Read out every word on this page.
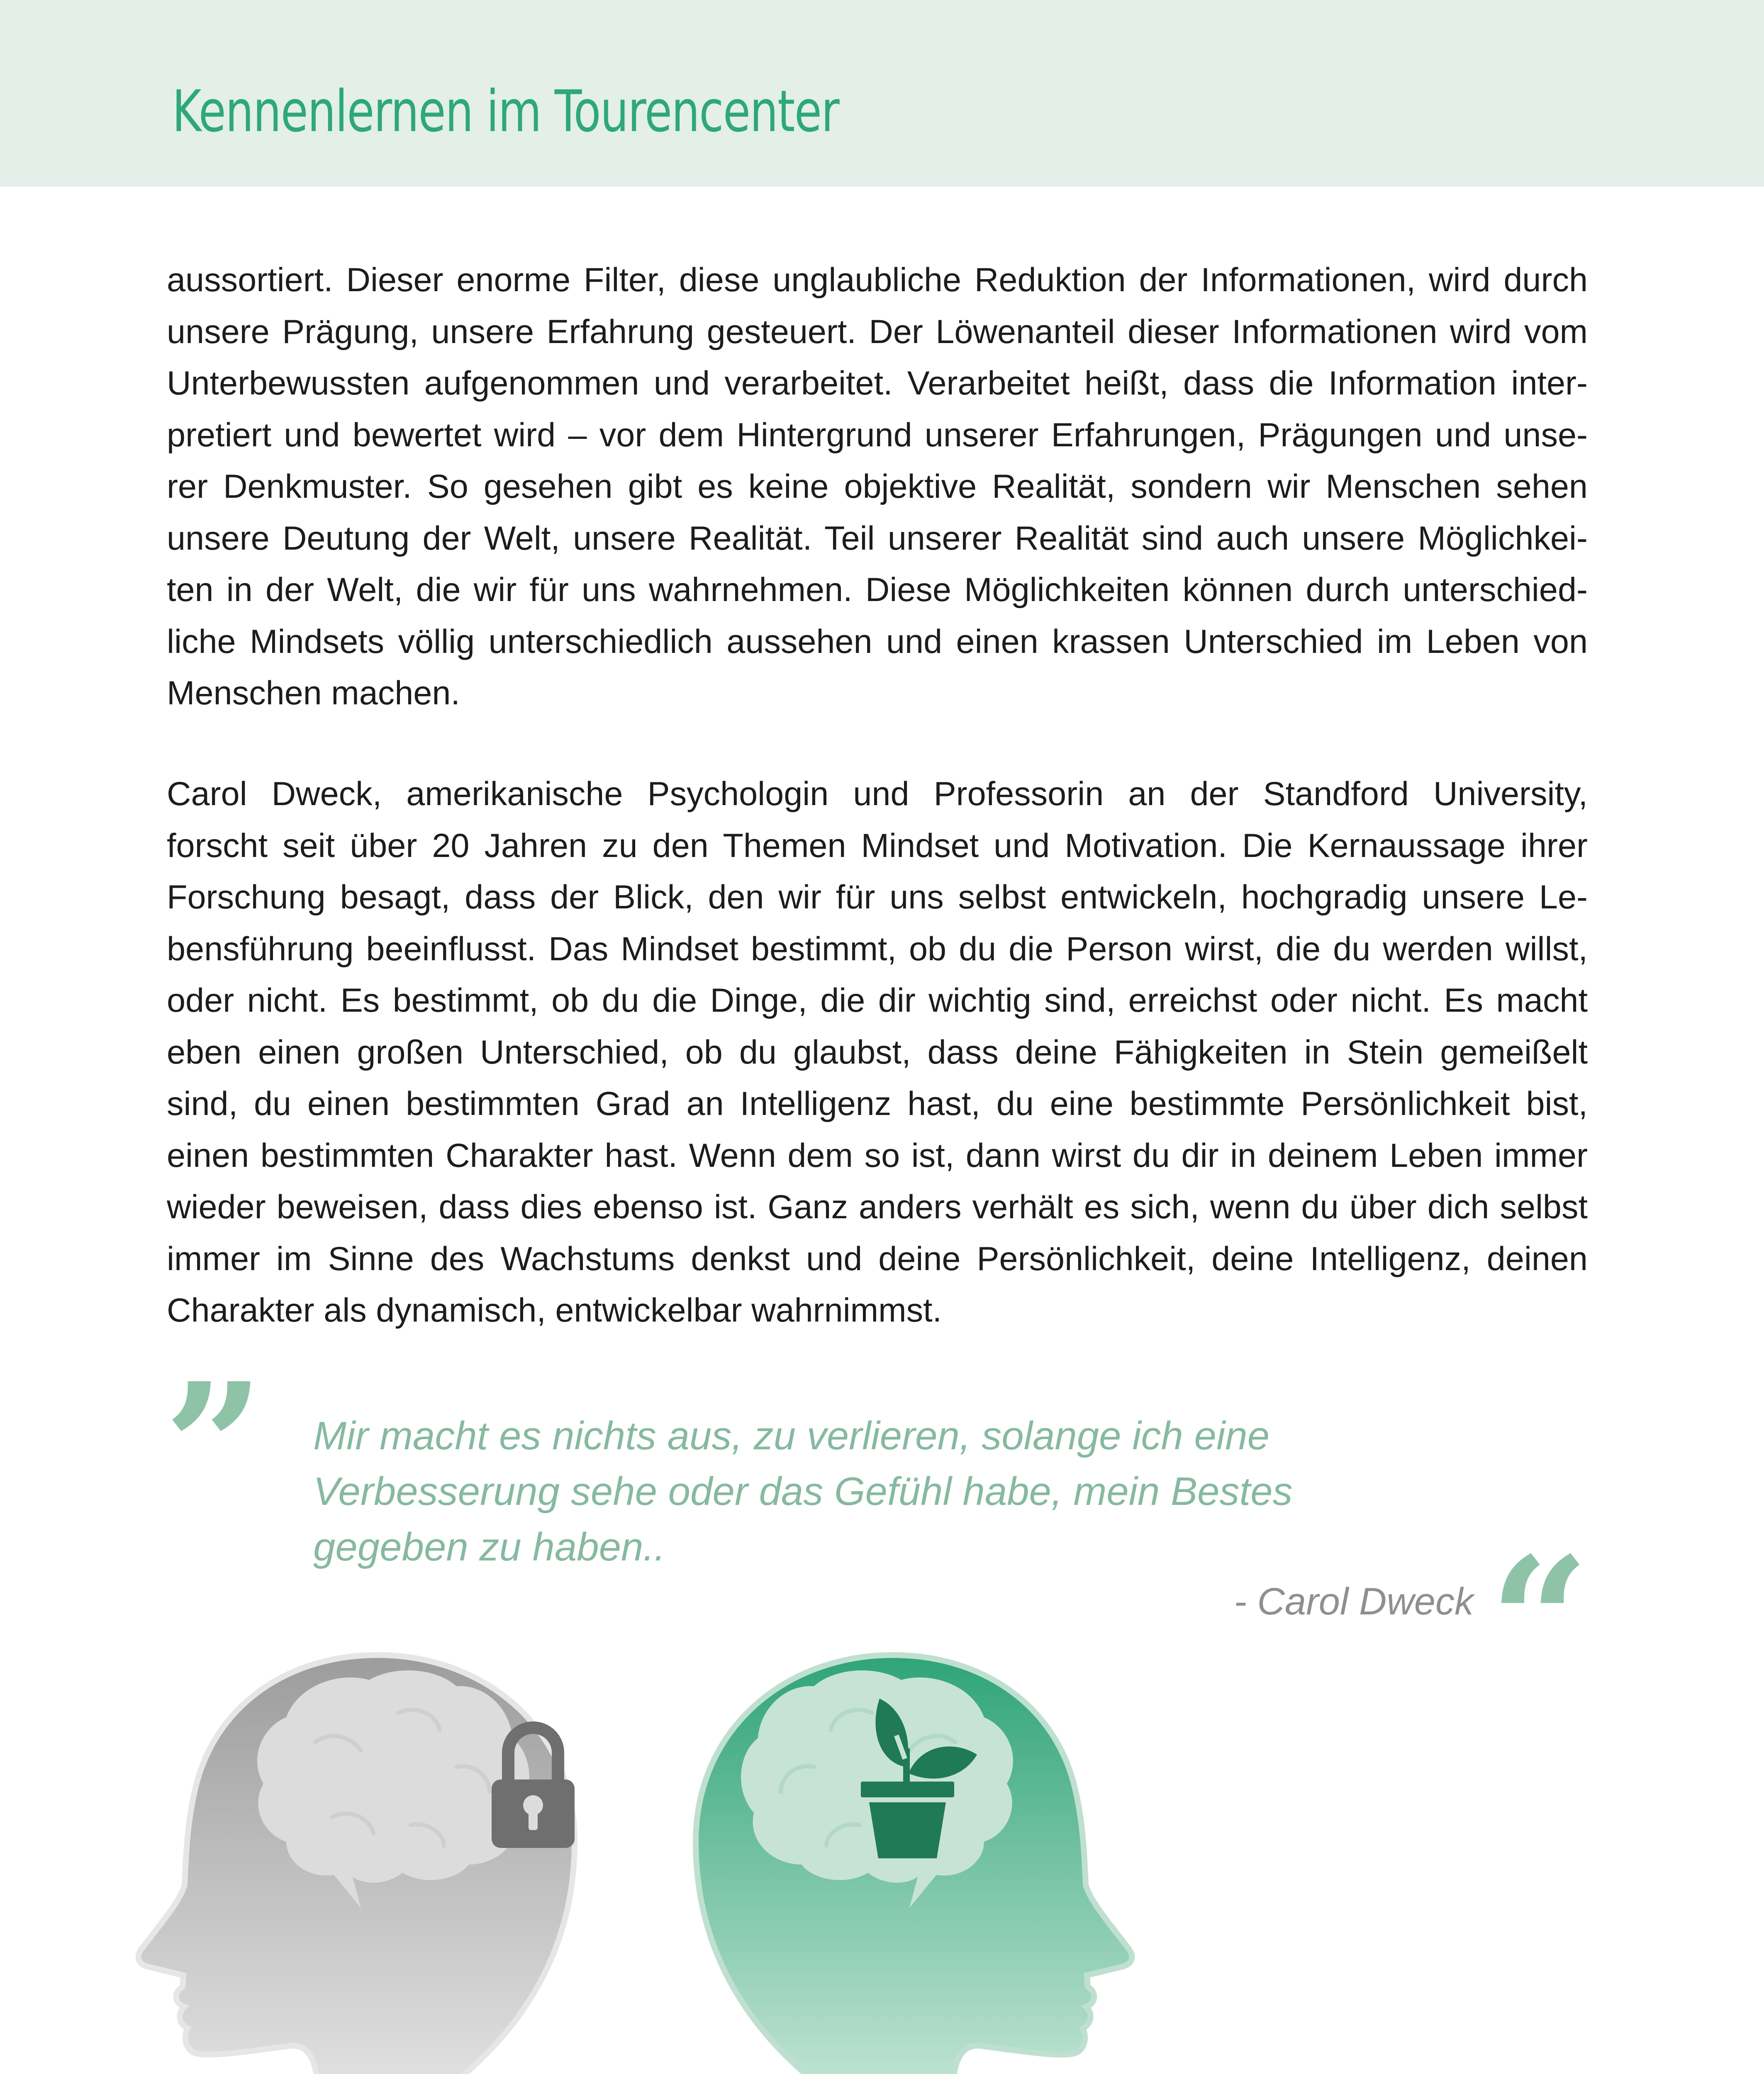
Kennenlernen im Tourencenter

aussortiert. Dieser enorme Filter, diese unglaubliche Reduktion der Informationen, wird durch
unsere Prägung, unsere Erfahrung gesteuert. Der Löwenanteil dieser Informationen wird vom
Unterbewussten aufgenommen und verarbeitet. Verarbeitet heißt, dass die Information inter-
pretiert und bewertet wird – vor dem Hintergrund unserer Erfahrungen, Prägungen und unse-
rer Denkmuster. So gesehen gibt es keine objektive Realität, sondern wir Menschen sehen
unsere Deutung der Welt, unsere Realität. Teil unserer Realität sind auch unsere Möglichkei-
ten in der Welt, die wir für uns wahrnehmen. Diese Möglichkeiten können durch unterschied-
liche Mindsets völlig unterschiedlich aussehen und einen krassen Unterschied im Leben von
Menschen machen.

Carol Dweck, amerikanische Psychologin und Professorin an der Standford University,
forscht seit über 20 Jahren zu den Themen Mindset und Motivation. Die Kernaussage ihrer
Forschung besagt, dass der Blick, den wir für uns selbst entwickeln, hochgradig unsere Le-
bensführung beeinflusst. Das Mindset bestimmt, ob du die Person wirst, die du werden willst,
oder nicht. Es bestimmt, ob du die Dinge, die dir wichtig sind, erreichst oder nicht. Es macht
eben einen großen Unterschied, ob du glaubst, dass deine Fähigkeiten in Stein gemeißelt
sind, du einen bestimmten Grad an Intelligenz hast, du eine bestimmte Persönlichkeit bist,
einen bestimmten Charakter hast. Wenn dem so ist, dann wirst du dir in deinem Leben immer
wieder beweisen, dass dies ebenso ist. Ganz anders verhält es sich, wenn du über dich selbst
immer im Sinne des Wachstums denkst und deine Persönlichkeit, deine Intelligenz, deinen
Charakter als dynamisch, entwickelbar wahrnimmst.

” Mir macht es nichts aus, zu verlieren, solange ich eine
Verbesserung sehe oder das Gefühl habe, mein Bestes
gegeben zu haben..

- Carol Dweck “
